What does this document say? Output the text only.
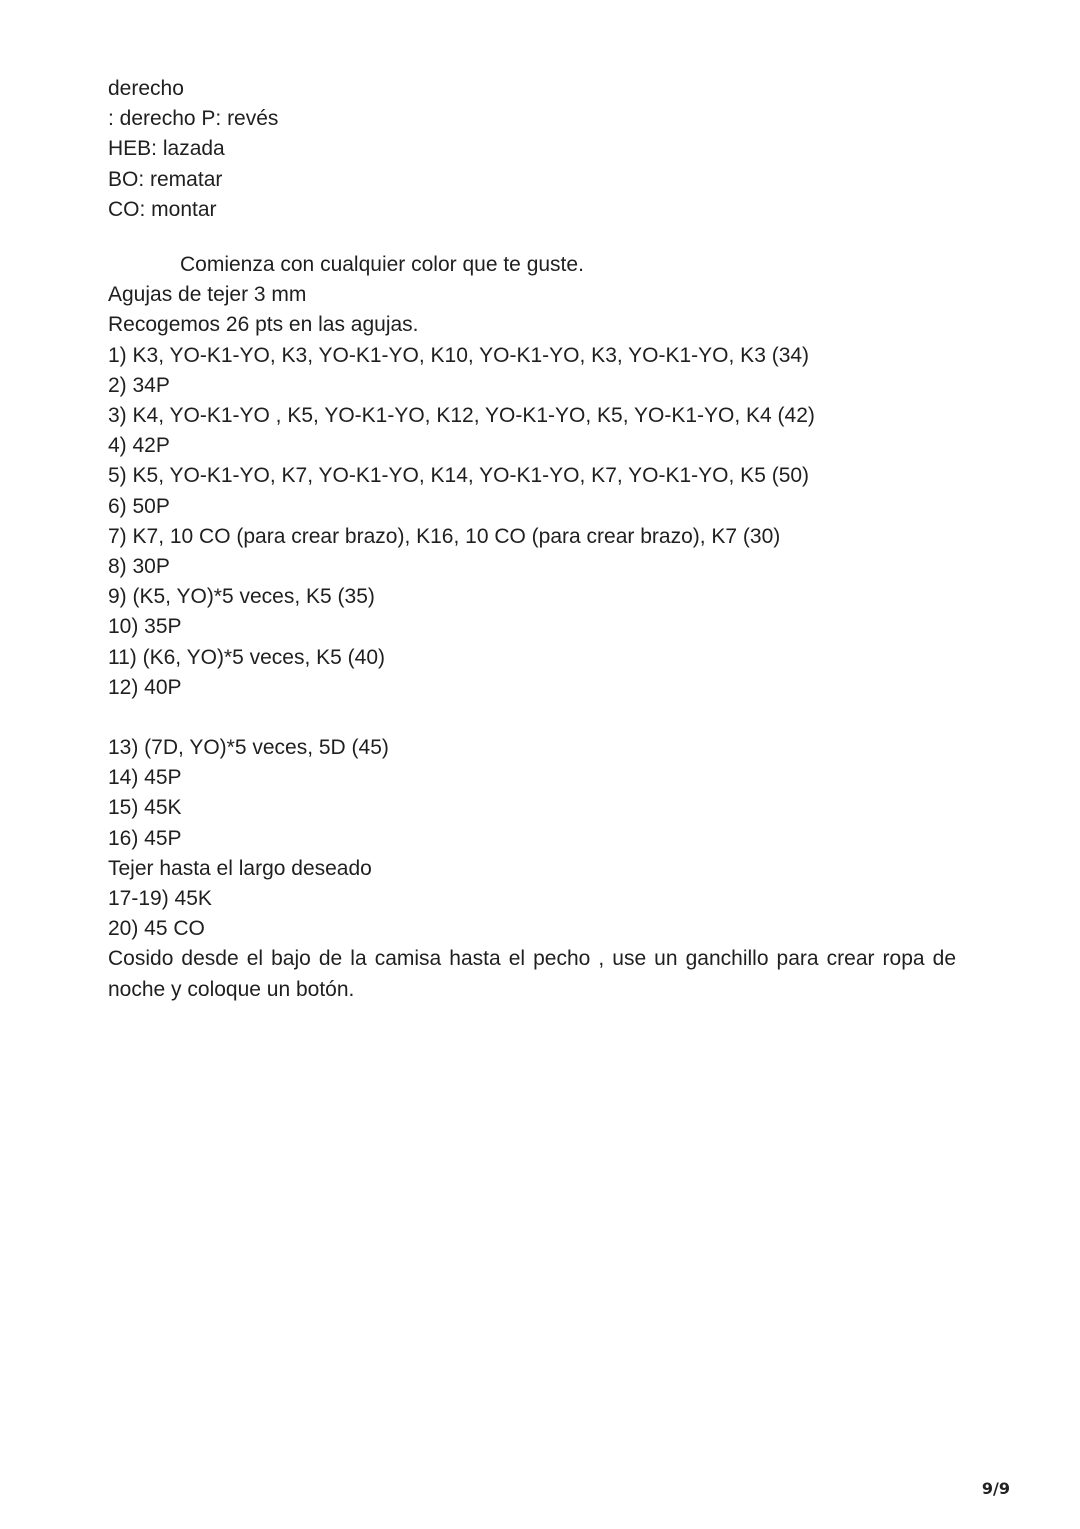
derecho

: derecho P: revés

HEB: lazada

BO: rematar

CO: montar

Comienza con cualquier color que te guste.

Agujas de tejer 3 mm

Recogemos 26 pts en las agujas.

1) K3, YO-K1-YO, K3, YO-K1-YO, K10, YO-K1-YO, K3, YO-K1-YO, K3 (34)

2) 34P

3) K4, YO-K1-YO , K5, YO-K1-YO, K12, YO-K1-YO, K5, YO-K1-YO, K4 (42)

4) 42P

5) K5, YO-K1-YO, K7, YO-K1-YO, K14, YO-K1-YO, K7, YO-K1-YO, K5 (50)

6) 50P

7) K7, 10 CO (para crear brazo), K16, 10 CO (para crear brazo), K7 (30)

8) 30P

9) (K5, YO)*5 veces, K5 (35)

10) 35P

11) (K6, YO)*5 veces, K5 (40)

12) 40P

13) (7D, YO)*5 veces, 5D (45)

14) 45P

15) 45K

16) 45P

Tejer hasta el largo deseado

17-19) 45K

20) 45 CO

Cosido desde el bajo de la camisa hasta el pecho , use un ganchillo para crear ropa de noche y coloque un botón.

9/9
